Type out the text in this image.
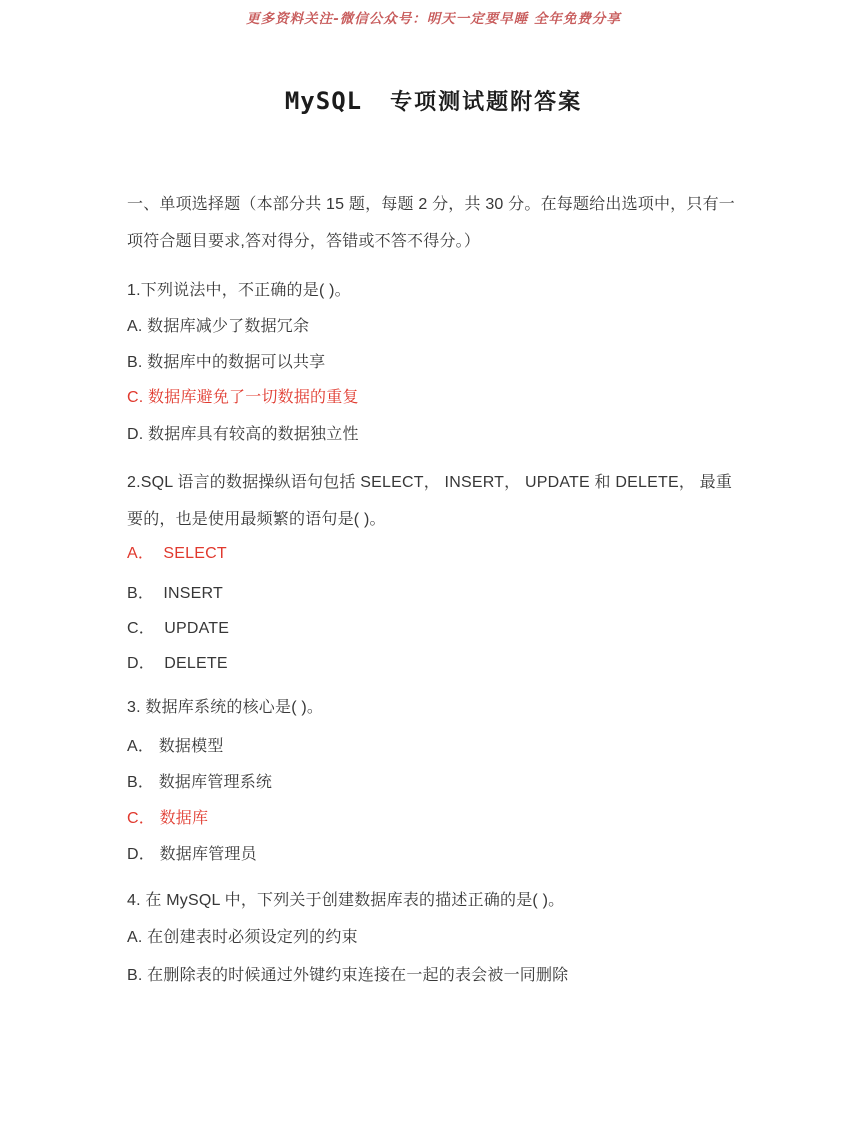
更多资料关注-微信公众号：明天一定要早睡 全年免费分享
MySQL 专项测试题附答案

一、单项选择题（本部分共 15 题，每题 2 分，共 30 分。在每题给出选项中，只有一项符合题目要求,答对得分，答错或不答不得分。）

1.下列说法中，不正确的是( )。

A. 数据库减少了数据冗余

B. 数据库中的数据可以共享

C. 数据库避免了一切数据的重复

D. 数据库具有较高的数据独立性

2.SQL 语言的数据操纵语句包括 SELECT， INSERT， UPDATE 和 DELETE， 最重要的，也是使用最频繁的语句是( )。

A．  SELECT

B．  INSERT

C．  UPDATE

D．  DELETE

3. 数据库系统的核心是( )。

A． 数据模型

B． 数据库管理系统

C． 数据库

D． 数据库管理员

4. 在 MySQL 中，下列关于创建数据库表的描述正确的是( )。

A. 在创建表时必须设定列的约束

B. 在删除表的时候通过外键约束连接在一起的表会被一同删除
